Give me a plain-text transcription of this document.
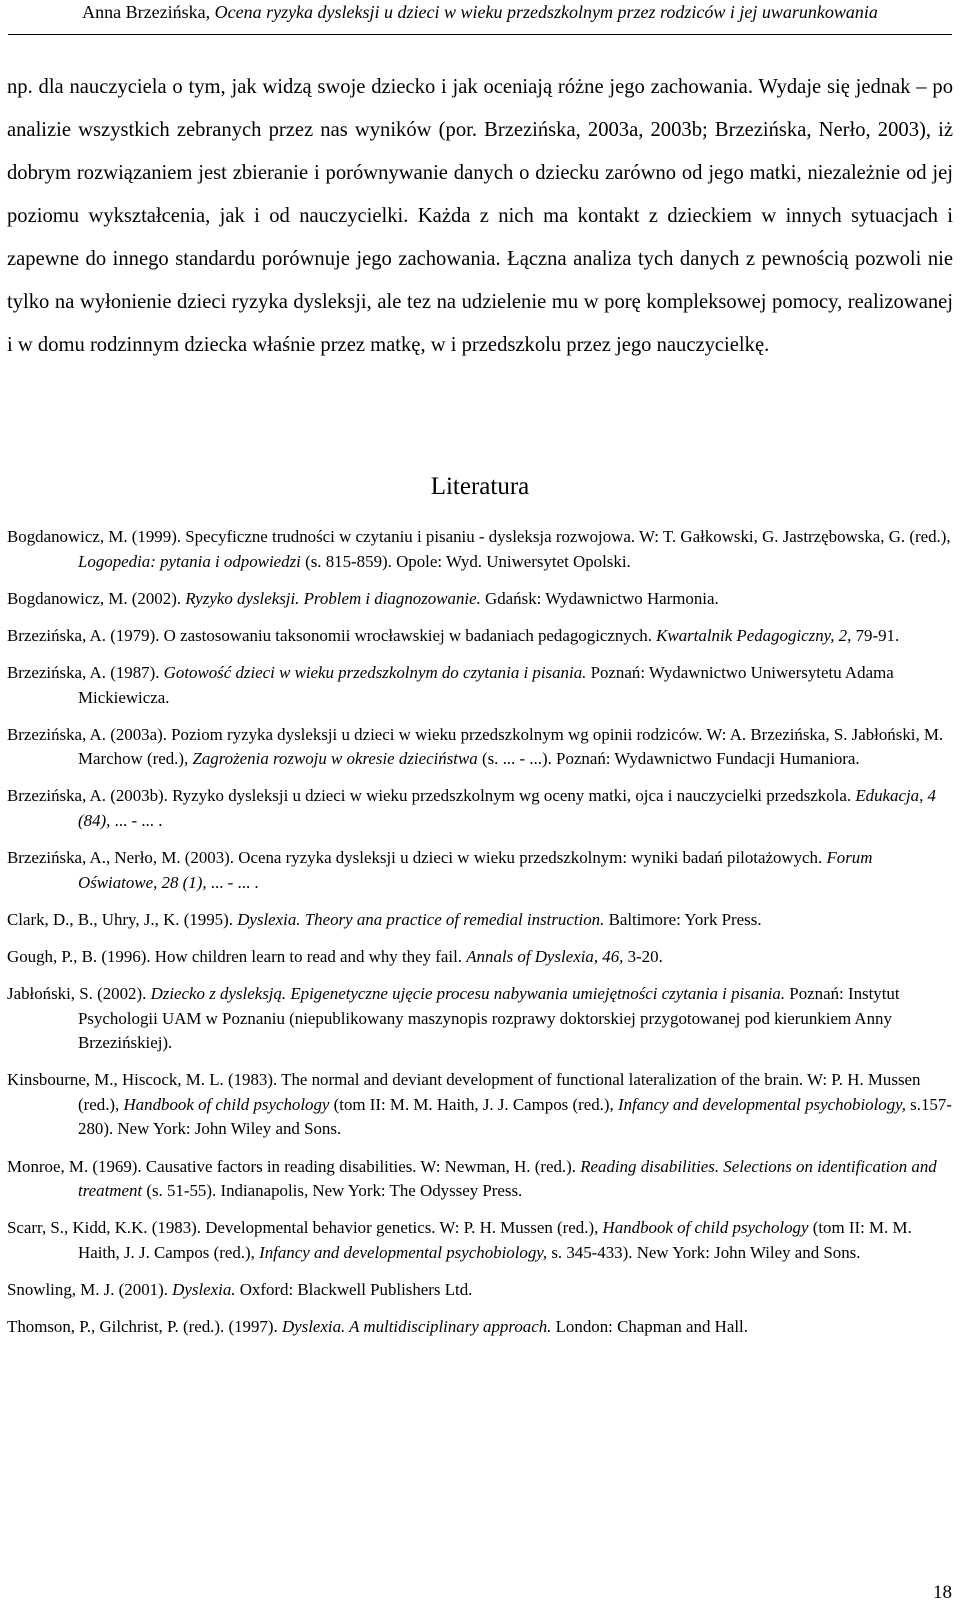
Anna Brzezińska, Ocena ryzyka dysleksji u dzieci w wieku przedszkolnym przez rodziców i jej uwarunkowania

np. dla nauczyciela o tym, jak widzą swoje dziecko i jak oceniają różne jego zachowania. Wydaje się jednak – po analizie wszystkich zebranych przez nas wyników (por. Brzezińska, 2003a, 2003b; Brzezińska, Nerło, 2003), iż dobrym rozwiązaniem jest zbieranie i porównywanie danych o dziecku zarówno od jego matki, niezależnie od jej poziomu wykształcenia, jak i od nauczycielki. Każda z nich ma kontakt z dzieckiem w innych sytuacjach i zapewne do innego standardu porównuje jego zachowania. Łączna analiza tych danych z pewnością pozwoli nie tylko na wyłonienie dzieci ryzyka dysleksji, ale tez na udzielenie mu w porę kompleksowej pomocy, realizowanej i w domu rodzinnym dziecka właśnie przez matkę, w i przedszkolu przez jego nauczycielkę.

Literatura
Bogdanowicz, M. (1999). Specyficzne trudności w czytaniu i pisaniu - dysleksja rozwojowa. W: T. Gałkowski, G. Jastrzębowska, G. (red.), Logopedia: pytania i odpowiedzi (s. 815-859). Opole: Wyd. Uniwersytet Opolski.
Bogdanowicz, M. (2002). Ryzyko dysleksji. Problem i diagnozowanie. Gdańsk: Wydawnictwo Harmonia.
Brzezińska, A. (1979). O zastosowaniu taksonomii wrocławskiej w badaniach pedagogicznych. Kwartalnik Pedagogiczny, 2, 79-91.
Brzezińska, A. (1987). Gotowość dzieci w wieku przedszkolnym do czytania i pisania. Poznań: Wydawnictwo Uniwersytetu Adama Mickiewicza.
Brzezińska, A. (2003a). Poziom ryzyka dysleksji u dzieci w wieku przedszkolnym wg opinii rodziców. W: A. Brzezińska, S. Jabłoński, M. Marchow (red.), Zagrożenia rozwoju w okresie dzieciństwa (s. ... - ...). Poznań: Wydawnictwo Fundacji Humaniora.
Brzezińska, A. (2003b). Ryzyko dysleksji u dzieci w wieku przedszkolnym wg oceny matki, ojca i nauczycielki przedszkola. Edukacja, 4 (84), ... - ... .
Brzezińska, A., Nerło, M. (2003). Ocena ryzyka dysleksji u dzieci w wieku przedszkolnym: wyniki badań pilotażowych. Forum Oświatowe, 28 (1), ... - ... .
Clark, D., B., Uhry, J., K. (1995). Dyslexia. Theory ana practice of remedial instruction. Baltimore: York Press.
Gough, P., B. (1996). How children learn to read and why they fail. Annals of Dyslexia, 46, 3-20.
Jabłoński, S. (2002). Dziecko z dysleksją. Epigenetyczne ujęcie procesu nabywania umiejętności czytania i pisania. Poznań: Instytut Psychologii UAM w Poznaniu (niepublikowany maszynopis rozprawy doktorskiej przygotowanej pod kierunkiem Anny Brzezińskiej).
Kinsbourne, M., Hiscock, M. L. (1983). The normal and deviant development of functional lateralization of the brain. W: P. H. Mussen (red.), Handbook of child psychology (tom II: M. M. Haith, J. J. Campos (red.), Infancy and developmental psychobiology, s.157-280). New York: John Wiley and Sons.
Monroe, M. (1969). Causative factors in reading disabilities. W: Newman, H. (red.). Reading disabilities. Selections on identification and treatment (s. 51-55). Indianapolis, New York: The Odyssey Press.
Scarr, S., Kidd, K.K. (1983). Developmental behavior genetics. W: P. H. Mussen (red.), Handbook of child psychology (tom II: M. M. Haith, J. J. Campos (red.), Infancy and developmental psychobiology, s. 345-433). New York: John Wiley and Sons.
Snowling, M. J. (2001). Dyslexia. Oxford: Blackwell Publishers Ltd.
Thomson, P., Gilchrist, P. (red.). (1997). Dyslexia. A multidisciplinary approach. London: Chapman and Hall.
18
